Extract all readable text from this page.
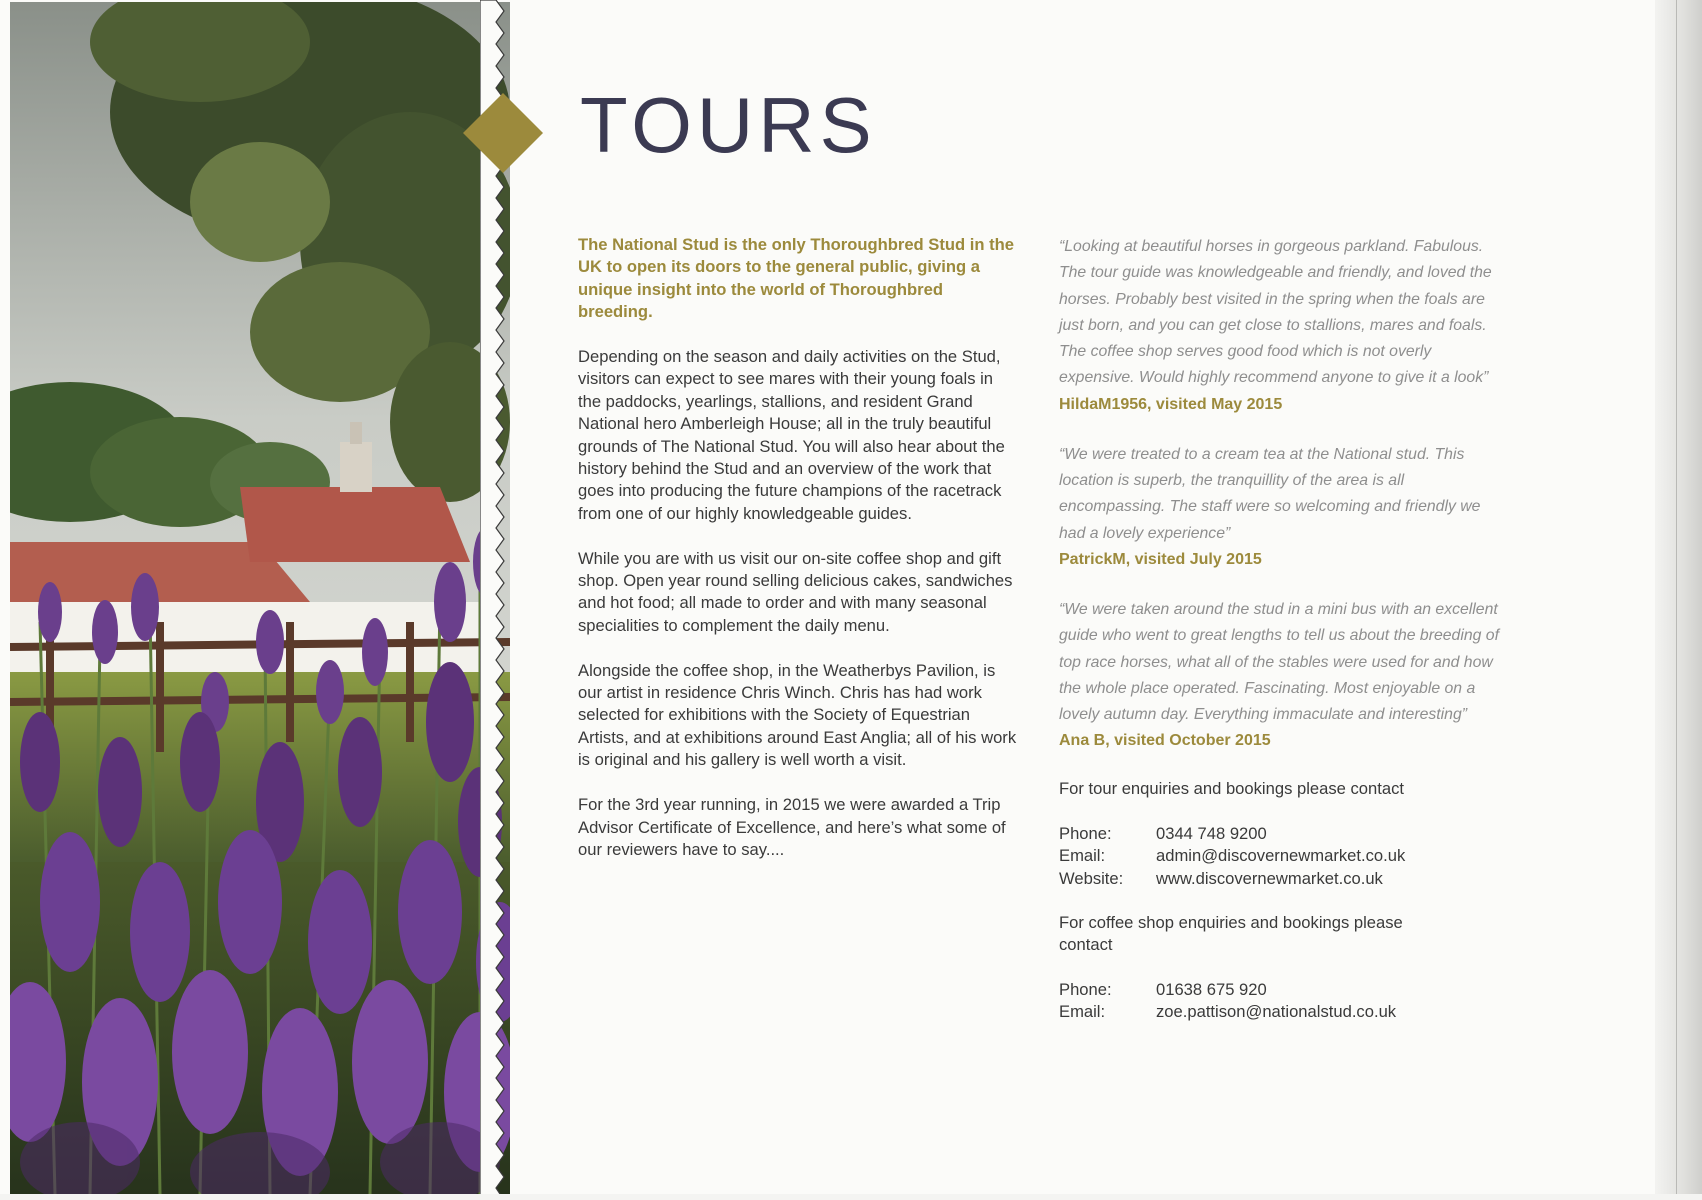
TOURS

The National Stud is the only Thoroughbred Stud in the UK to open its doors to the general public, giving a unique insight into the world of Thoroughbred breeding.

Depending on the season and daily activities on the Stud, visitors can expect to see mares with their young foals in the paddocks, yearlings, stallions, and resident Grand National hero Amberleigh House; all in the truly beautiful grounds of The National Stud. You will also hear about the history behind the Stud and an overview of the work that goes into producing the future champions of the racetrack from one of our highly knowledgeable guides.

While you are with us visit our on-site coffee shop and gift shop. Open year round selling delicious cakes, sandwiches and hot food; all made to order and with many seasonal specialities to complement the daily menu.

Alongside the coffee shop, in the Weatherbys Pavilion, is our artist in residence Chris Winch. Chris has had work selected for exhibitions with the Society of Equestrian Artists, and at exhibitions around East Anglia; all of his work is original and his gallery is well worth a visit.

For the 3rd year running, in 2015 we were awarded a Trip Advisor Certificate of Excellence, and here’s what some of our reviewers have to say....

“Looking at beautiful horses in gorgeous parkland. Fabulous. The tour guide was knowledgeable and friendly, and loved the horses. Probably best visited in the spring when the foals are just born, and you can get close to stallions, mares and foals. The coffee shop serves good food which is not overly expensive. Would highly recommend anyone to give it a look”

HildaM1956, visited May 2015

“We were treated to a cream tea at the National stud. This location is superb, the tranquillity of the area is all encompassing. The staff were so welcoming and friendly we had a lovely experience”

PatrickM, visited July 2015

“We were taken around the stud in a mini bus with an excellent guide who went to great lengths to tell us about the breeding of top race horses, what all of the stables were used for and how the whole place operated. Fascinating. Most enjoyable on a lovely autumn day. Everything immaculate and interesting”

Ana B, visited October 2015

For tour enquiries and bookings please contact

Phone:	0344 748 9200
Email:	admin@discovernewmarket.co.uk
Website:	www.discovernewmarket.co.uk

For coffee shop enquiries and bookings please contact

Phone:	01638 675 920
Email:	zoe.pattison@nationalstud.co.uk
